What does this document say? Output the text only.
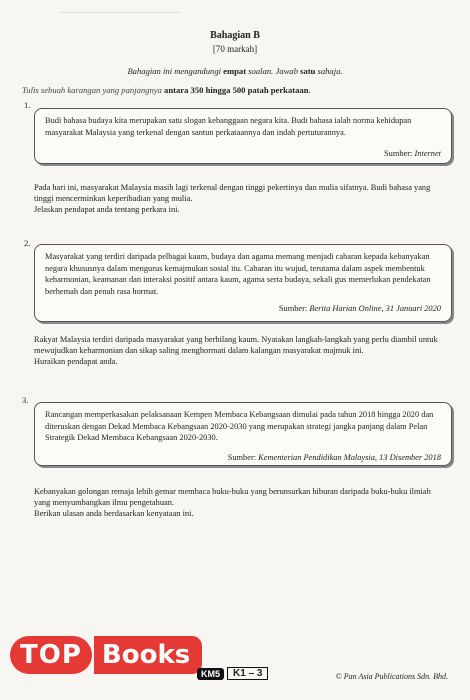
Bahagian B
[70 markah]
Bahagian ini mengandungi empat soalan. Jawab satu sahaja.
Tulis sebuah karangan yang panjangnya antara 350 hingga 500 patah perkataan.
1.
Budi bahasa budaya kita merupakan satu slogan kebanggaan negara kita. Budi bahasa ialah norma kehidupan masyarakat Malaysia yang terkenal dengan santun perkataannya dan indah pertuturannya.
Sumber: Internet
Pada hari ini, masyarakat Malaysia masih lagi terkenal dengan tinggi pekertinya dan mulia sifatnya. Budi bahasa yang tinggi mencerminkan keperibadian yang mulia.
Jelaskan pendapat anda tentang perkara ini.
2.
Masyarakat yang terdiri daripada pelbagai kaum, budaya dan agama memang menjadi cabaran kepada kebanyakan negara khususnya dalam mengurus kemajmukan sosial itu. Cabaran itu wujud, terutama dalam aspek membentuk keharmonian, keamanan dan interaksi positif antara kaum, agama serta budaya, sekali gus memerlukan pendekatan berhemah dan penuh rasa hormat.
Sumber: Berita Harian Online, 31 Januari 2020
Rakyat Malaysia terdiri daripada masyarakat yang berbilang kaum. Nyatakan langkah-langkah yang perlu diambil untuk mewujudkan keharmonian dan sikap saling menghormati dalam kalangan masyarakat majmuk ini.
Huraikan pendapat anda.
3.
Rancangan memperkasakan pelaksanaan Kempen Membaca Kebangsaan dimulai pada tahun 2018 hingga 2020 dan diteruskan dengan Dekad Membaca Kebangsaan 2020-2030 yang merupakan strategi jangka panjang dalam Pelan Strategik Dekad Membaca Kebangsaan 2020-2030.
Sumber: Kementerian Pendidikan Malaysia, 13 Disember 2018
Kebanyakan golongan remaja lebih gemar membaca buku-buku yang berunsurkan hiburan daripada buku-buku ilmiah yang menyumbangkan ilmu pengetahuan.
Berikan ulasan anda berdasarkan kenyataan ini.
TOP Books
KM5	K1 – 3	© Pan Asia Publications Sdn. Bhd.
